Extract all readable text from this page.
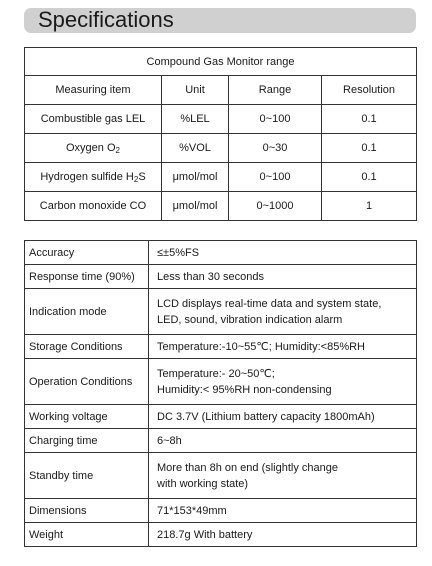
Specifications
Compound Gas Monitor range			
Measuring item	Unit	Range	Resolution
Combustible gas LEL	%LEL	0~100	0.1
Oxygen $O_2$	%VOL	0~30	0.1
Hydrogen sulfide $H_2S$	μmol/mol	0~100	0.1
Carbon monoxide CO	μmol/mol	0~1000	1
Accuracy	≤±5%FS

Response time (90%)	Less than 30 seconds

Indication mode	LCD displays real-time data and system state,
LED, sound, vibration indication alarm

Storage Conditions	Temperature:-10~55℃; Humidity:<85%RH

Operation Conditions	Temperature:- 20~50℃;
Humidity:< 95%RH non-condensing

Working voltage	DC 3.7V (Lithium battery capacity 1800mAh)

Charging time	6~8h

Standby time	More than 8h on end (slightly change
with working state)

Dimensions	71*153*49mm

Weight	218.7g With battery
